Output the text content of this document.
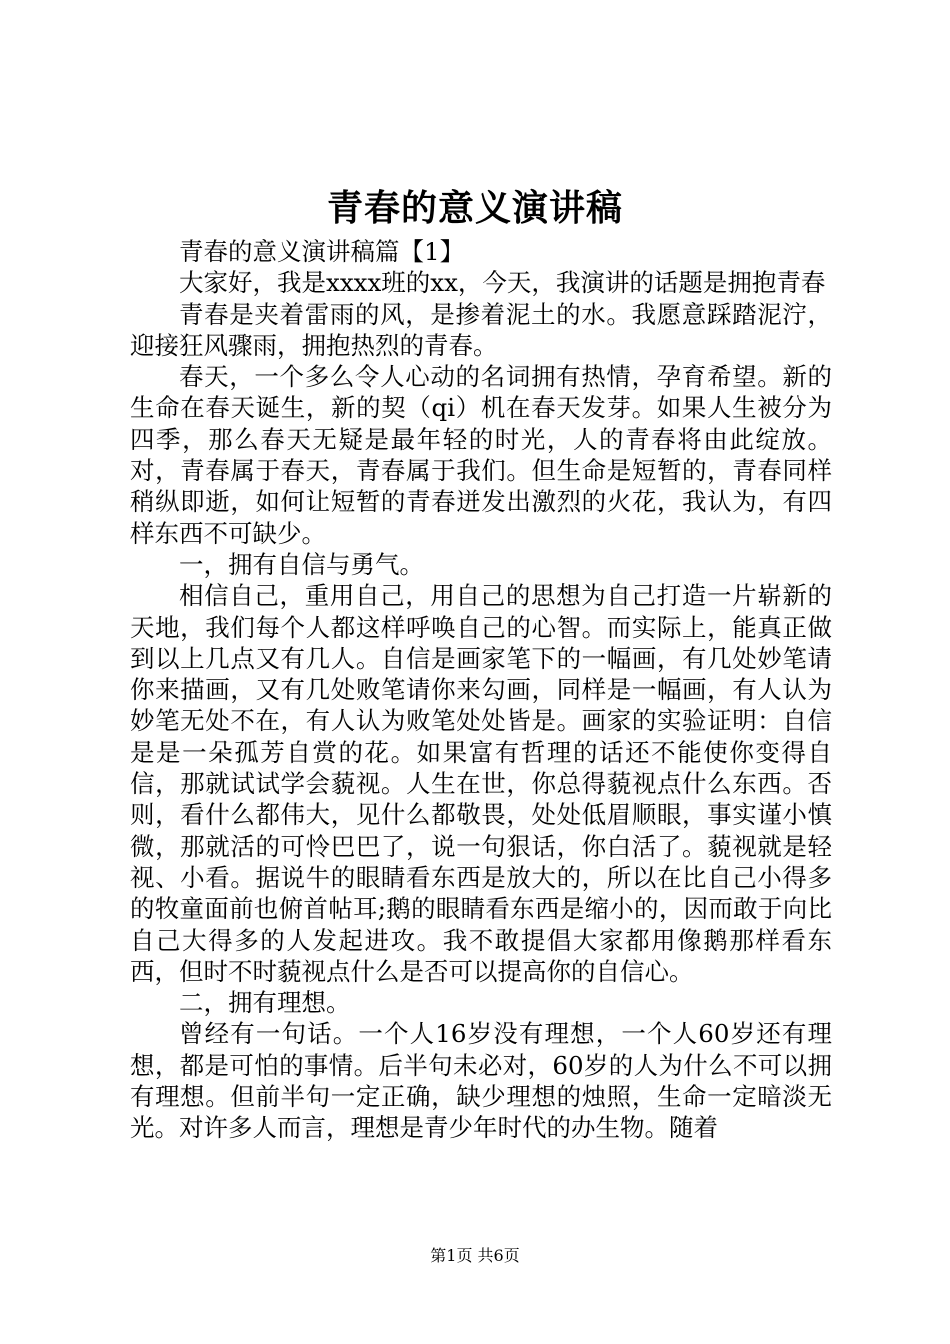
青春的意义演讲稿

青春的意义演讲稿篇【1】

大家好，我是xxxx班的xx，今天，我演讲的话题是拥抱青春

青春是夹着雷雨的风，是掺着泥土的水。我愿意踩踏泥泞，迎接狂风骤雨，拥抱热烈的青春。

春天，一个多么令人心动的名词拥有热情，孕育希望。新的生命在春天诞生，新的契（qi）机在春天发芽。如果人生被分为四季，那么春天无疑是最年轻的时光，人的青春将由此绽放。对，青春属于春天，青春属于我们。但生命是短暂的，青春同样稍纵即逝，如何让短暂的青春迸发出激烈的火花，我认为，有四样东西不可缺少。

一，拥有自信与勇气。

相信自己，重用自己，用自己的思想为自己打造一片崭新的天地，我们每个人都这样呼唤自己的心智。而实际上，能真正做到以上几点又有几人。自信是画家笔下的一幅画，有几处妙笔请你来描画，又有几处败笔请你来勾画，同样是一幅画，有人认为妙笔无处不在，有人认为败笔处处皆是。画家的实验证明：自信是是一朵孤芳自赏的花。如果富有哲理的话还不能使你变得自信，那就试试学会藐视。人生在世，你总得藐视点什么东西。否则，看什么都伟大，见什么都敬畏，处处低眉顺眼，事实谨小慎微，那就活的可怜巴巴了，说一句狠话，你白活了。藐视就是轻视、小看。据说牛的眼睛看东西是放大的，所以在比自己小得多的牧童面前也俯首帖耳;鹅的眼睛看东西是缩小的，因而敢于向比自己大得多的人发起进攻。我不敢提倡大家都用像鹅那样看东西，但时不时藐视点什么是否可以提高你的自信心。

二，拥有理想。

曾经有一句话。一个人16岁没有理想，一个人60岁还有理想，都是可怕的事情。后半句未必对，60岁的人为什么不可以拥有理想。但前半句一定正确，缺少理想的烛照，生命一定暗淡无光。对许多人而言，理想是青少年时代的办生物。随着

第1页 共6页
